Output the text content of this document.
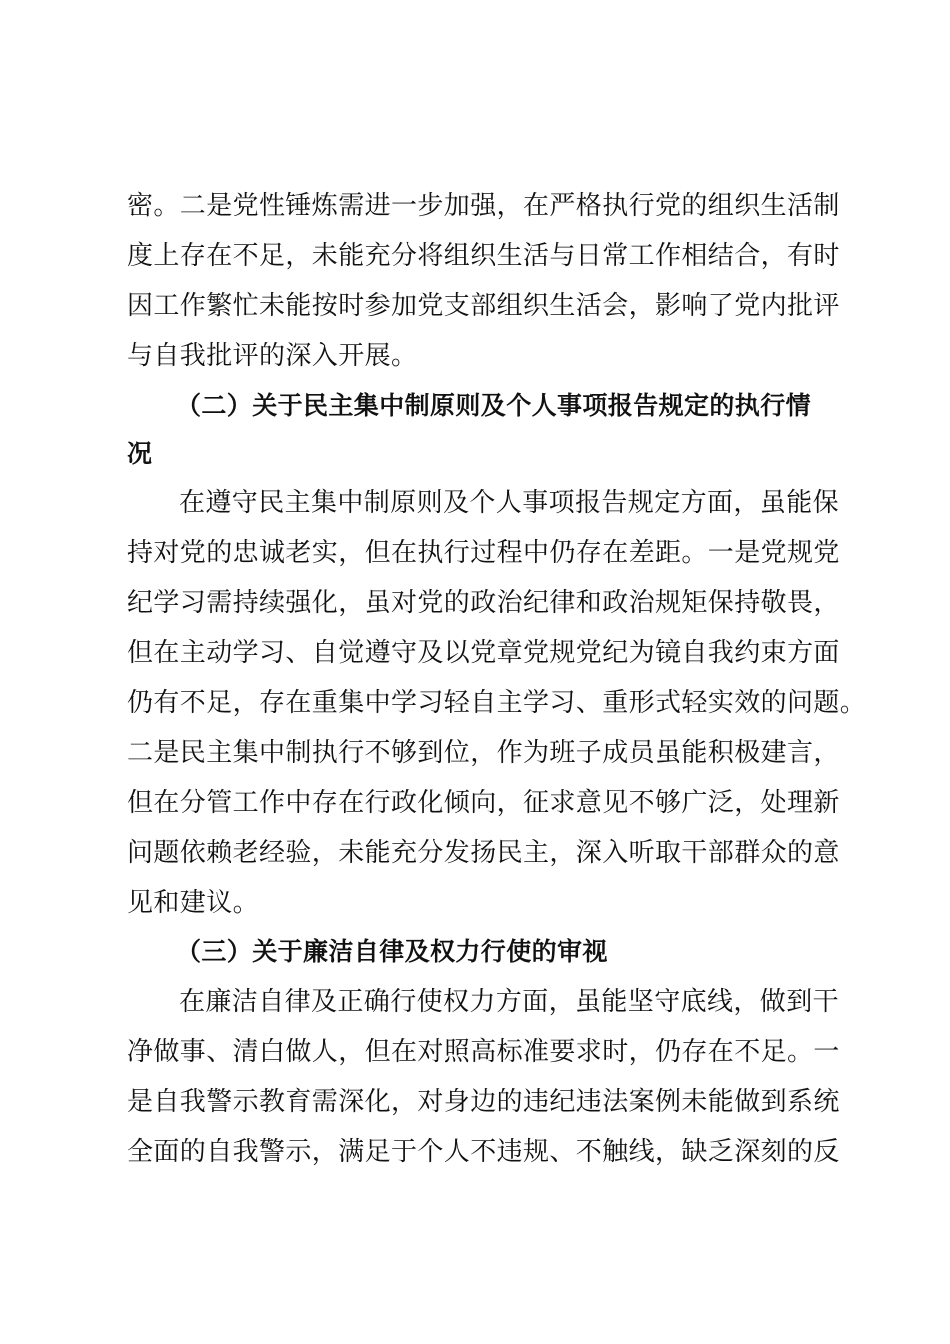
密。二是党性锤炼需进一步加强，在严格执行党的组织生活制
度上存在不足，未能充分将组织生活与日常工作相结合，有时
因工作繁忙未能按时参加党支部组织生活会，影响了党内批评
与自我批评的深入开展。
（二）关于民主集中制原则及个人事项报告规定的执行情
况
在遵守民主集中制原则及个人事项报告规定方面，虽能保
持对党的忠诚老实，但在执行过程中仍存在差距。一是党规党
纪学习需持续强化，虽对党的政治纪律和政治规矩保持敬畏，
但在主动学习、自觉遵守及以党章党规党纪为镜自我约束方面
仍有不足，存在重集中学习轻自主学习、重形式轻实效的问题。
二是民主集中制执行不够到位，作为班子成员虽能积极建言，
但在分管工作中存在行政化倾向，征求意见不够广泛，处理新
问题依赖老经验，未能充分发扬民主，深入听取干部群众的意
见和建议。
（三）关于廉洁自律及权力行使的审视
在廉洁自律及正确行使权力方面，虽能坚守底线，做到干
净做事、清白做人，但在对照高标准要求时，仍存在不足。一
是自我警示教育需深化，对身边的违纪违法案例未能做到系统
全面的自我警示，满足于个人不违规、不触线，缺乏深刻的反
